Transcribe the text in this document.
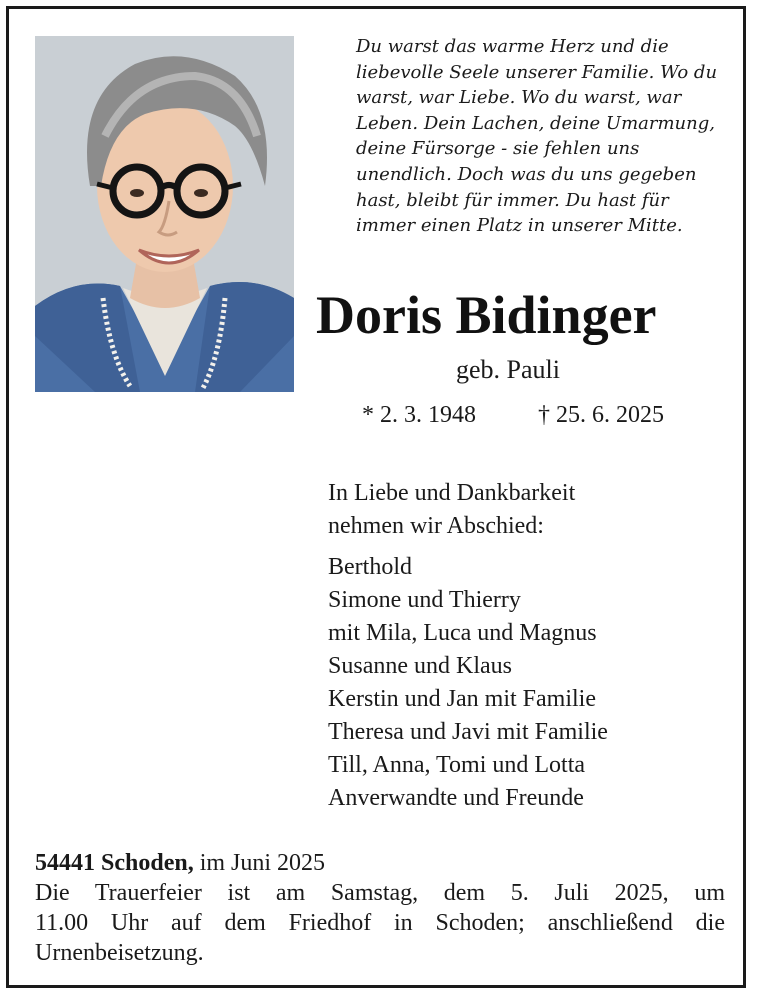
Du warst das warme Herz und die
liebevolle Seele unserer Familie. Wo du
warst, war Liebe. Wo du warst, war
Leben. Dein Lachen, deine Umarmung,
deine Fürsorge - sie fehlen uns
unendlich. Doch was du uns gegeben
hast, bleibt für immer. Du hast für
immer einen Platz in unserer Mitte.
Doris Bidinger
geb. Pauli
* 2. 3. 1948	† 25. 6. 2025
In Liebe und Dankbarkeit
nehmen wir Abschied:
Berthold
Simone und Thierry
mit Mila, Luca und Magnus
Susanne und Klaus
Kerstin und Jan mit Familie
Theresa und Javi mit Familie
Till, Anna, Tomi und Lotta
Anverwandte und Freunde
54441 Schoden, im Juni 2025
Die Trauerfeier ist am Samstag, dem 5. Juli 2025, um
11.00 Uhr auf dem Friedhof in Schoden; anschließend die
Urnenbeisetzung.
